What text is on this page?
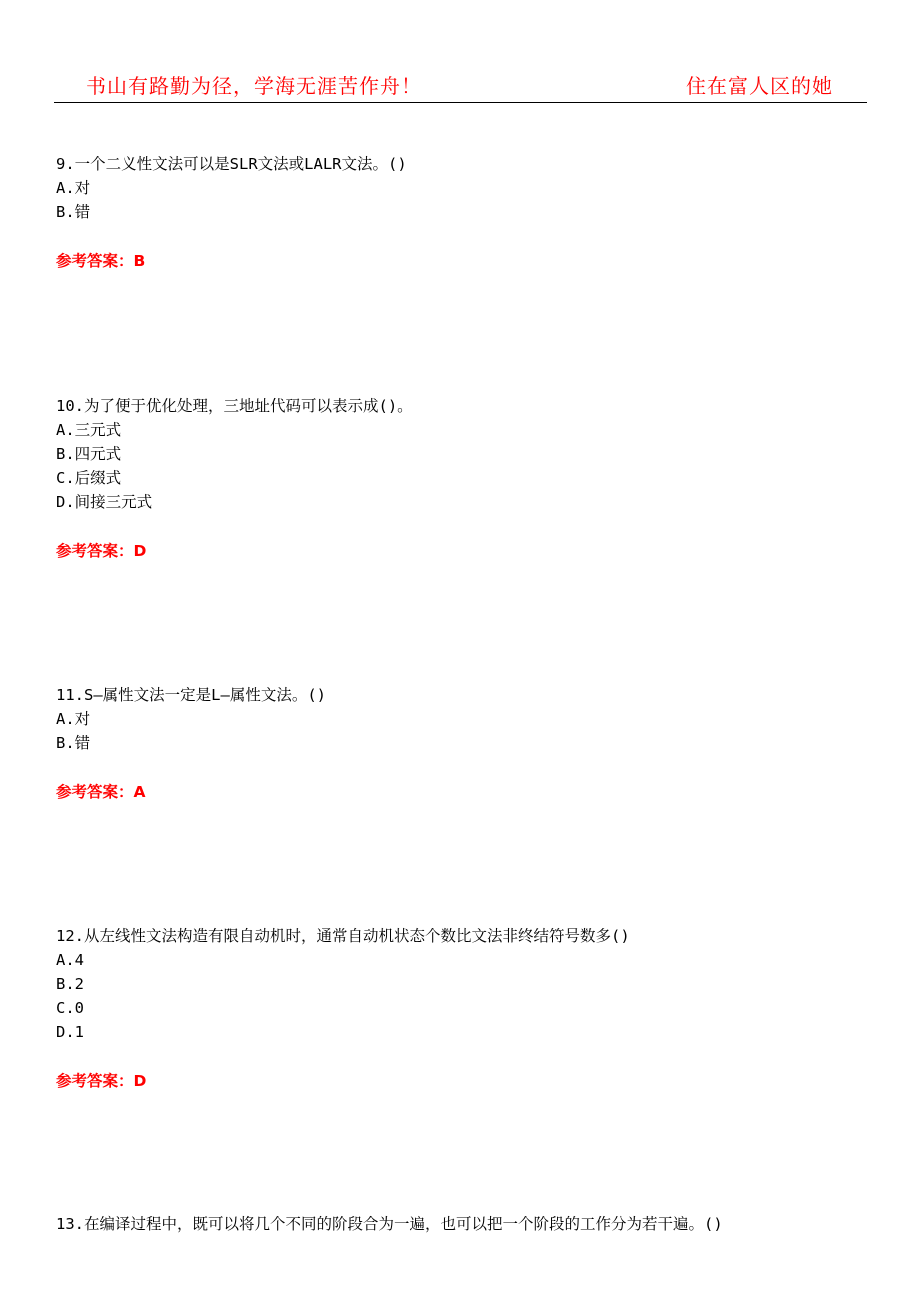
书山有路勤为径，学海无涯苦作舟！	住在富人区的她

9.一个二义性文法可以是SLR文法或LALR文法。()

A.对

B.错

参考答案：B

10.为了便于优化处理，三地址代码可以表示成()。

A.三元式

B.四元式

C.后缀式

D.间接三元式

参考答案：D

11.S—属性文法一定是L—属性文法。()

A.对

B.错

参考答案：A

12.从左线性文法构造有限自动机时，通常自动机状态个数比文法非终结符号数多()

A.4

B.2

C.0

D.1

参考答案：D

13.在编译过程中，既可以将几个不同的阶段合为一遍，也可以把一个阶段的工作分为若干遍。()
